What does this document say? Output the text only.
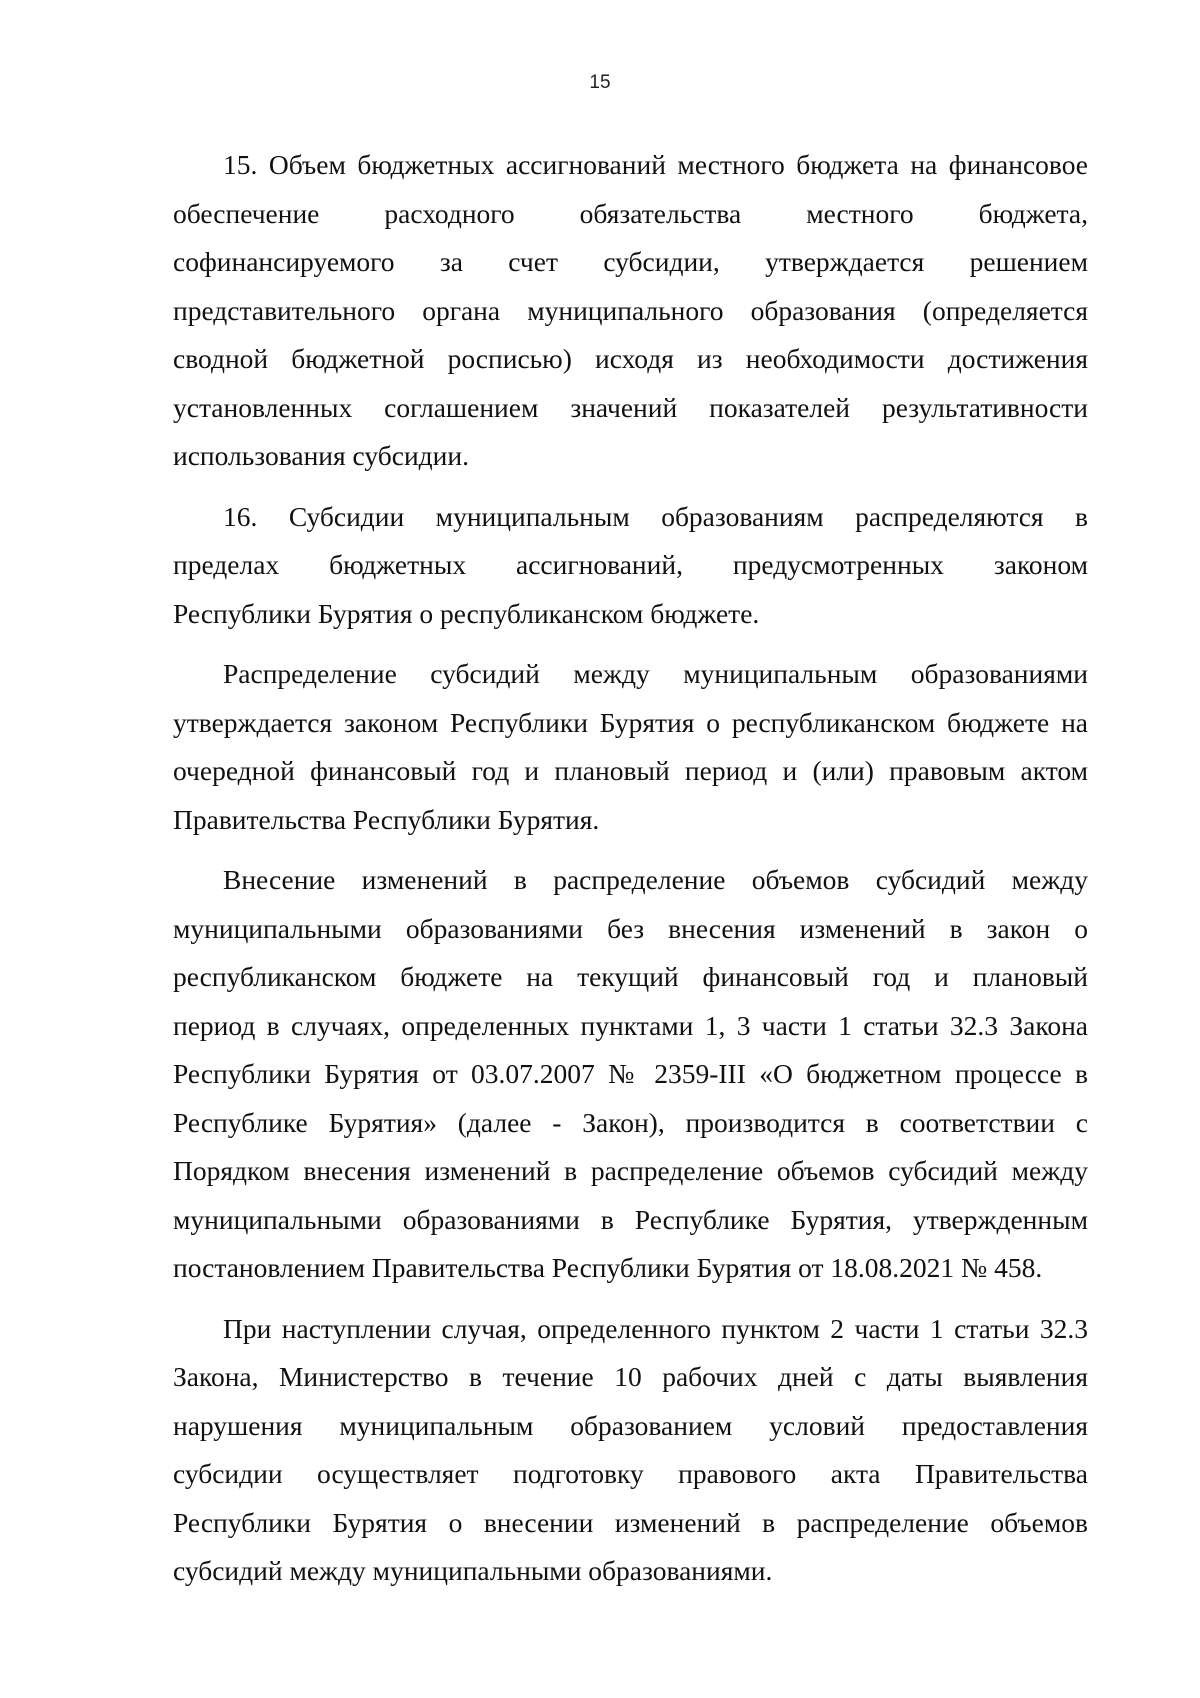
15
15. Объем бюджетных ассигнований местного бюджета на финансовое
обеспечение расходного обязательства местного бюджета,
софинансируемого за счет субсидии, утверждается решением
представительного органа муниципального образования (определяется
сводной бюджетной росписью) исходя из необходимости достижения
установленных соглашением значений показателей результативности
использования субсидии.
16. Субсидии муниципальным образованиям распределяются в
пределах бюджетных ассигнований, предусмотренных законом
Республики Бурятия о республиканском бюджете.
Распределение субсидий между муниципальным образованиями
утверждается законом Республики Бурятия о республиканском бюджете на
очередной финансовый год и плановый период и (или) правовым актом
Правительства Республики Бурятия.
Внесение изменений в распределение объемов субсидий между
муниципальными образованиями без внесения изменений в закон о
республиканском бюджете на текущий финансовый год и плановый
период в случаях, определенных пунктами 1, 3 части 1 статьи 32.3 Закона
Республики Бурятия от 03.07.2007 № 2359-III «О бюджетном процессе в
Республике Бурятия» (далее - Закон), производится в соответствии с
Порядком внесения изменений в распределение объемов субсидий между
муниципальными образованиями в Республике Бурятия, утвержденным
постановлением Правительства Республики Бурятия от 18.08.2021 № 458.
При наступлении случая, определенного пунктом 2 части 1 статьи 32.3
Закона, Министерство в течение 10 рабочих дней с даты выявления
нарушения муниципальным образованием условий предоставления
субсидии осуществляет подготовку правового акта Правительства
Республики Бурятия о внесении изменений в распределение объемов
субсидий между муниципальными образованиями.
